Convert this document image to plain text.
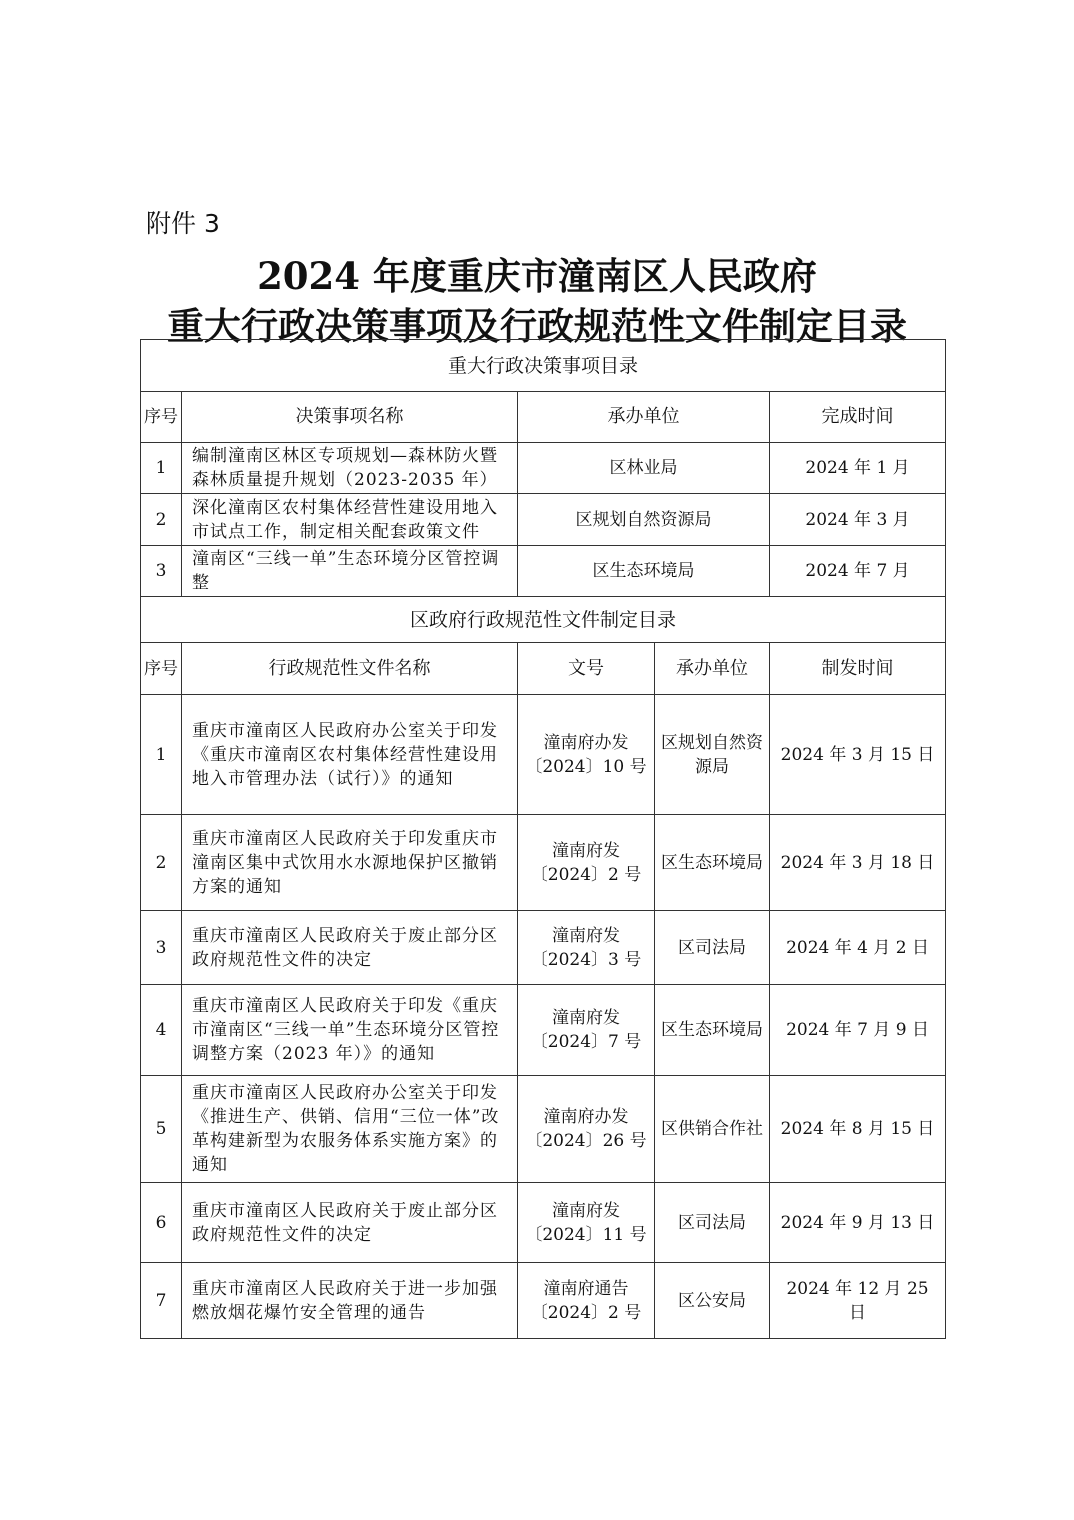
附件 3
2024 年度重庆市潼南区人民政府
重大行政决策事项及行政规范性文件制定目录
重大行政决策事项目录				
序号	决策事项名称	承办单位		完成时间
1	编制潼南区林区专项规划—森林防火暨森林质量提升规划（2023-2035 年）	区林业局		2024 年 1 月
2	深化潼南区农村集体经营性建设用地入市试点工作，制定相关配套政策文件	区规划自然资源局		2024 年 3 月
3	潼南区“三线一单”生态环境分区管控调整	区生态环境局		2024 年 7 月
区政府行政规范性文件制定目录				
序号	行政规范性文件名称	文号	承办单位	制发时间
1	重庆市潼南区人民政府办公室关于印发《重庆市潼南区农村集体经营性建设用地入市管理办法（试行）》的通知	潼南府办发〔2024〕10 号	区规划自然资源局	2024 年 3 月 15 日
2	重庆市潼南区人民政府关于印发重庆市潼南区集中式饮用水水源地保护区撤销方案的通知	潼南府发〔2024〕2 号	区生态环境局	2024 年 3 月 18 日
3	重庆市潼南区人民政府关于废止部分区政府规范性文件的决定	潼南府发〔2024〕3 号	区司法局	2024 年 4 月 2 日
4	重庆市潼南区人民政府关于印发《重庆市潼南区“三线一单”生态环境分区管控调整方案（2023 年）》的通知	潼南府发〔2024〕7 号	区生态环境局	2024 年 7 月 9 日
5	重庆市潼南区人民政府办公室关于印发《推进生产、供销、信用“三位一体”改革构建新型为农服务体系实施方案》的通知	潼南府办发〔2024〕26 号	区供销合作社	2024 年 8 月 15 日
6	重庆市潼南区人民政府关于废止部分区政府规范性文件的决定	潼南府发〔2024〕11 号	区司法局	2024 年 9 月 13 日
7	重庆市潼南区人民政府关于进一步加强燃放烟花爆竹安全管理的通告	潼南府通告〔2024〕2 号	区公安局	2024 年 12 月 25 日
